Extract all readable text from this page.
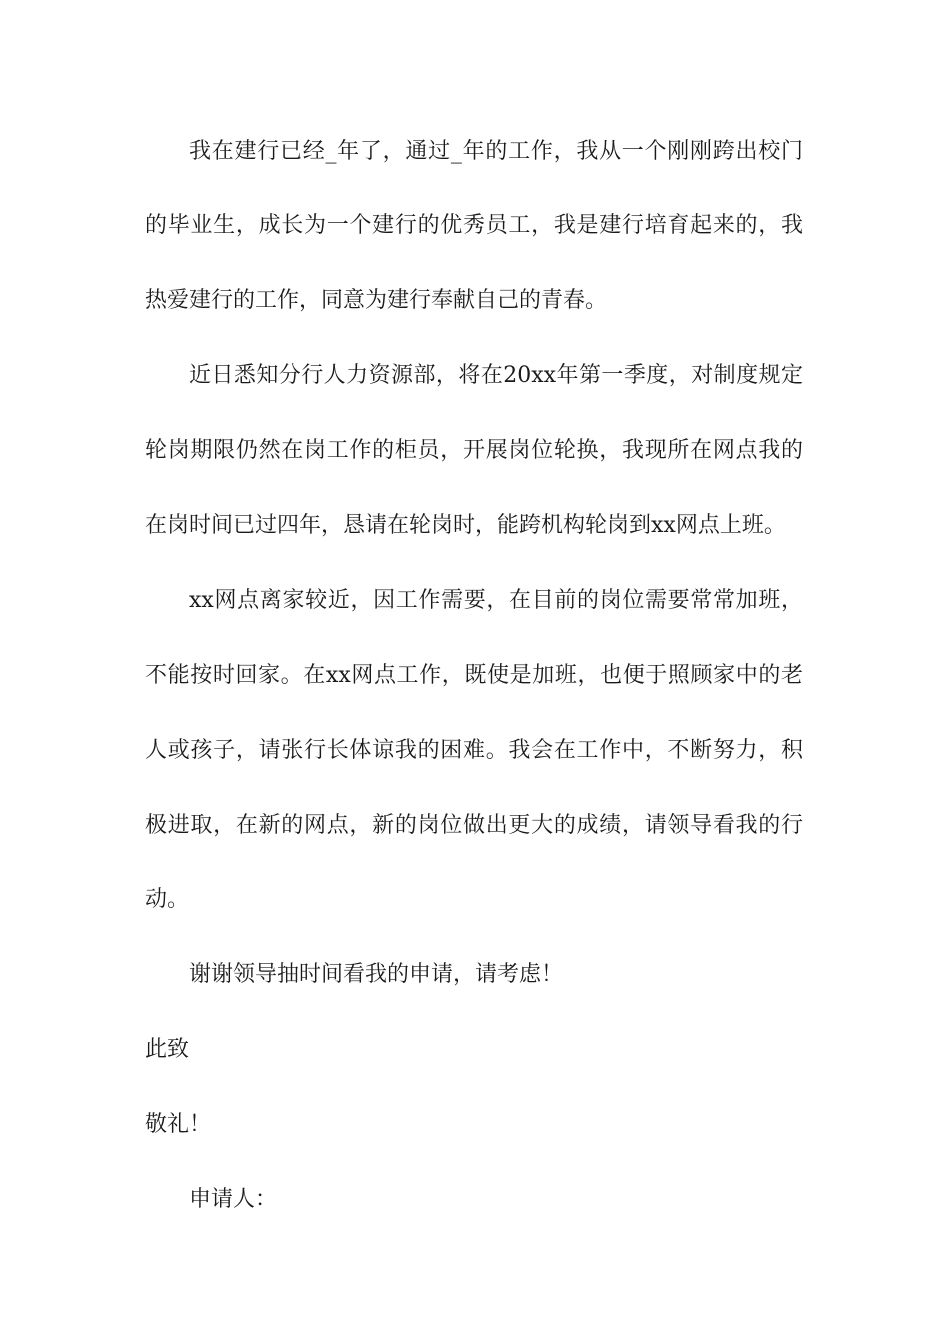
我在建行已经_年了，通过_年的工作，我从一个刚刚跨出校门
的毕业生，成长为一个建行的优秀员工，我是建行培育起来的，我
热爱建行的工作，同意为建行奉献自己的青春。
近日悉知分行人力资源部，将在20xx年第一季度，对制度规定
轮岗期限仍然在岗工作的柜员，开展岗位轮换，我现所在网点我的
在岗时间已过四年，恳请在轮岗时，能跨机构轮岗到xx网点上班。
xx网点离家较近，因工作需要，在目前的岗位需要常常加班，
不能按时回家。在xx网点工作，既使是加班，也便于照顾家中的老
人或孩子，请张行长体谅我的困难。我会在工作中，不断努力，积
极进取，在新的网点，新的岗位做出更大的成绩，请领导看我的行
动。
谢谢领导抽时间看我的申请，请考虑！
此致
敬礼！
申请人：
